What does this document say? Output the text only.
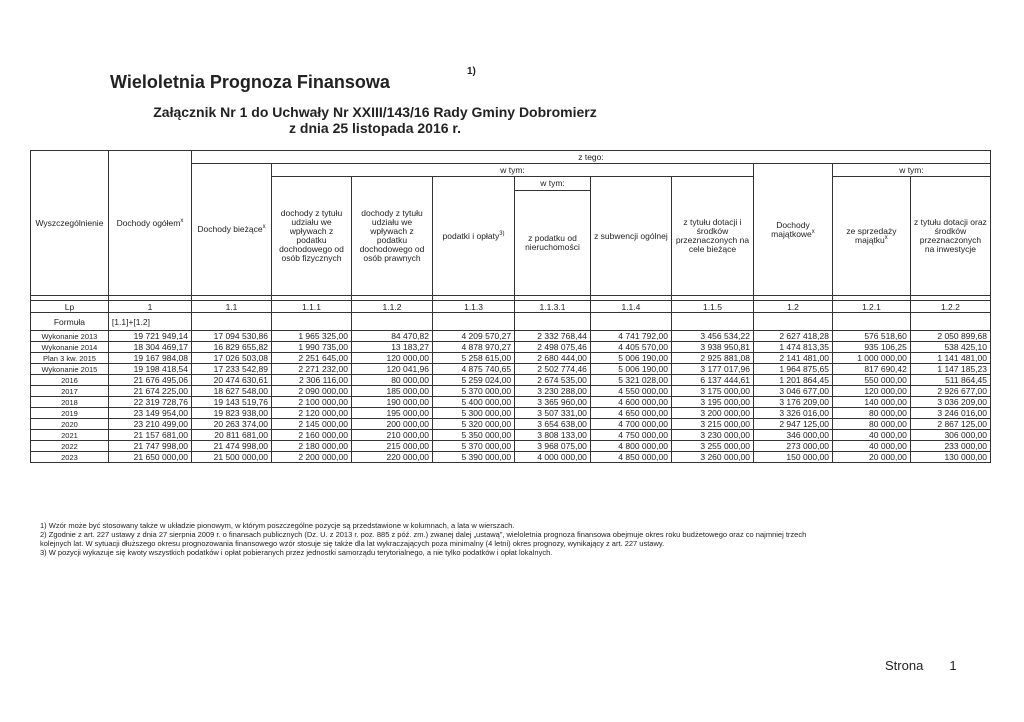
Wieloletnia Prognoza Finansowa
1)
Załącznik Nr 1 do Uchwały Nr XXIII/143/16 Rady Gminy Dobromierz
z dnia 25 listopada 2016 r.
Wyszczególnienie	Dochody ogółem$^x$	z tego:									
		Dochody bieżące$^x$	w tym:						Dochody majątkowe$^x$	w tym:	
			dochody z tytułu udziału we wpływach z podatku dochodowego od osób fizycznych	dochody z tytułu udziału we wpływach z podatku dochodowego od osób prawnych	podatki i opłaty$^{3)}$	w tym:	z subwencji ogólnej	z tytułu dotacji i środków przeznaczonych na cele bieżące		ze sprzedaży majątku$^x$	z tytułu dotacji oraz środków przeznaczonych na inwestycje
						z podatku od nieruchomości					

Lp	1	1.1	1.1.1	1.1.2	1.1.3	1.1.3.1	1.1.4	1.1.5	1.2	1.2.1	1.2.2
Formuła	[1.1]+[1.2]										
Wykonanie 2013	19 721 949,14	17 094 530,86	1 965 325,00	84 470,82	4 209 570,27	2 332 768,44	4 741 792,00	3 456 534,22	2 627 418,28	576 518,60	2 050 899,68
Wykonanie 2014	18 304 469,17	16 829 655,82	1 990 735,00	13 183,27	4 878 970,27	2 498 075,46	4 405 570,00	3 938 950,81	1 474 813,35	935 106,25	538 425,10
Plan 3 kw. 2015	19 167 984,08	17 026 503,08	2 251 645,00	120 000,00	5 258 615,00	2 680 444,00	5 006 190,00	2 925 881,08	2 141 481,00	1 000 000,00	1 141 481,00
Wykonanie 2015	19 198 418,54	17 233 542,89	2 271 232,00	120 041,96	4 875 740,65	2 502 774,46	5 006 190,00	3 177 017,96	1 964 875,65	817 690,42	1 147 185,23
2016	21 676 495,06	20 474 630,61	2 306 116,00	80 000,00	5 259 024,00	2 674 535,00	5 321 028,00	6 137 444,61	1 201 864,45	550 000,00	511 864,45
2017	21 674 225,00	18 627 548,00	2 090 000,00	185 000,00	5 370 000,00	3 230 288,00	4 550 000,00	3 175 000,00	3 046 677,00	120 000,00	2 926 677,00
2018	22 319 728,76	19 143 519,76	2 100 000,00	190 000,00	5 400 000,00	3 365 960,00	4 600 000,00	3 195 000,00	3 176 209,00	140 000,00	3 036 209,00
2019	23 149 954,00	19 823 938,00	2 120 000,00	195 000,00	5 300 000,00	3 507 331,00	4 650 000,00	3 200 000,00	3 326 016,00	80 000,00	3 246 016,00
2020	23 210 499,00	20 263 374,00	2 145 000,00	200 000,00	5 320 000,00	3 654 638,00	4 700 000,00	3 215 000,00	2 947 125,00	80 000,00	2 867 125,00
2021	21 157 681,00	20 811 681,00	2 160 000,00	210 000,00	5 350 000,00	3 808 133,00	4 750 000,00	3 230 000,00	346 000,00	40 000,00	306 000,00
2022	21 747 998,00	21 474 998,00	2 180 000,00	215 000,00	5 370 000,00	3 968 075,00	4 800 000,00	3 255 000,00	273 000,00	40 000,00	233 000,00
2023	21 650 000,00	21 500 000,00	2 200 000,00	220 000,00	5 390 000,00	4 000 000,00	4 850 000,00	3 260 000,00	150 000,00	20 000,00	130 000,00
1) Wzór może być stosowany także w układzie pionowym, w którym poszczególne pozycje są przedstawione w kolumnach, a lata w wierszach.
2) Zgodnie z art. 227 ustawy z dnia 27 sierpnia 2009 r. o finansach publicznych (Dz. U. z 2013 r. poz. 885 z póź. zm.) zwanej dalej „ustawą”, wieloletnia prognoza finansowa obejmuje okres roku budżetowego oraz co najmniej trzech
kolejnych lat. W sytuacji dłuższego okresu prognozowania finansowego wzór stosuje się także dla lat wykraczających poza minimalny (4 letni) okres prognozy, wynikający z art. 227 ustawy.
3) W pozycji wykazuje się kwoty wszystkich podatków i opłat pobieranych przez jednostki samorządu terytorialnego, a nie tylko podatków i opłat lokalnych.
Strona 1
